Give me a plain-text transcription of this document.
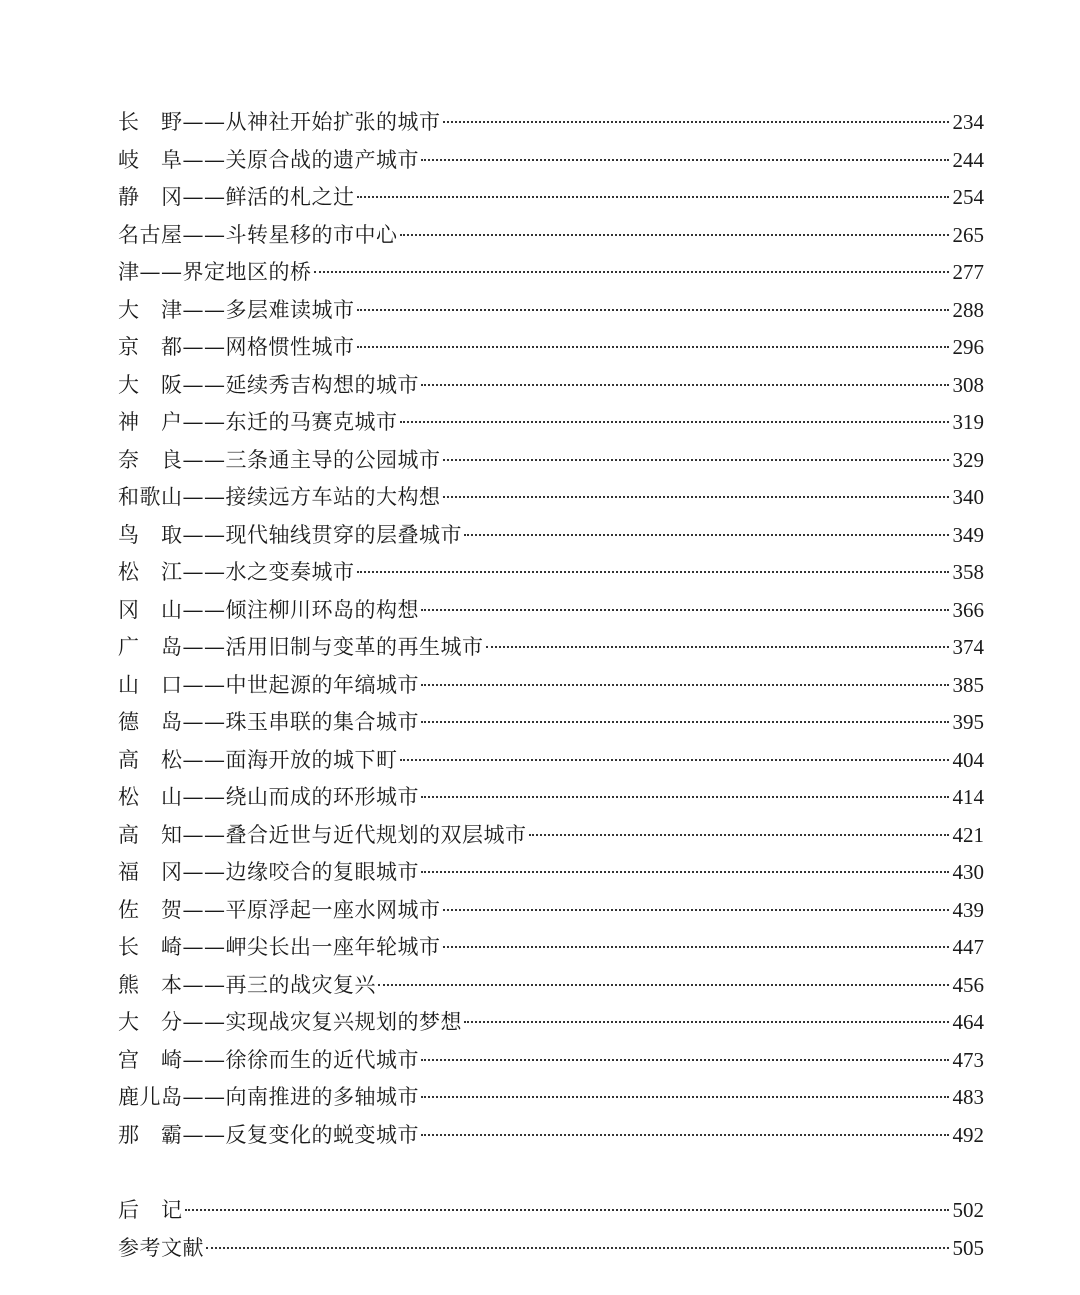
长　野——从神社开始扩张的城市	234
岐　阜——关原合战的遗产城市	244
静　冈——鲜活的札之辻	254
名古屋——斗转星移的市中心	265
津——界定地区的桥	277
大　津——多层难读城市	288
京　都——网格惯性城市	296
大　阪——延续秀吉构想的城市	308
神　户——东迁的马赛克城市	319
奈　良——三条通主导的公园城市	329
和歌山——接续远方车站的大构想	340
鸟　取——现代轴线贯穿的层叠城市	349
松　江——水之变奏城市	358
冈　山——倾注柳川环岛的构想	366
广　岛——活用旧制与变革的再生城市	374
山　口——中世起源的年缟城市	385
德　岛——珠玉串联的集合城市	395
高　松——面海开放的城下町	404
松　山——绕山而成的环形城市	414
高　知——叠合近世与近代规划的双层城市	421
福　冈——边缘咬合的复眼城市	430
佐　贺——平原浮起一座水网城市	439
长　崎——岬尖长出一座年轮城市	447
熊　本——再三的战灾复兴	456
大　分——实现战灾复兴规划的梦想	464
宫　崎——徐徐而生的近代城市	473
鹿儿岛——向南推进的多轴城市	483
那　霸——反复变化的蜕变城市	492
后　记	502
参考文献	505
